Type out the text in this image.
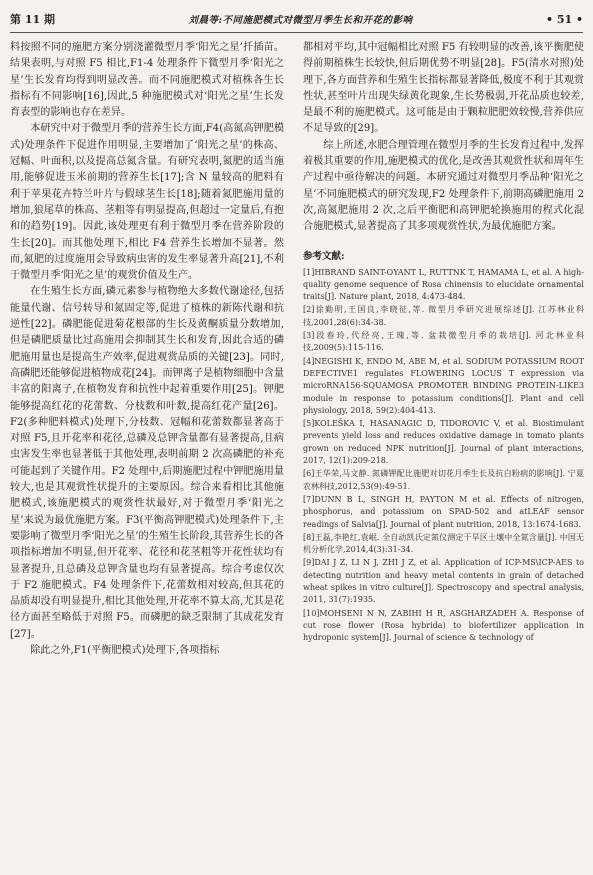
第 11 期	刘晨等:不同施肥模式对微型月季生长和开花的影响	• 51 •

料按照不同的施肥方案分别浇灌微型月季‘阳光之星’扦插苗。结果表明,与对照 F5 相比,F1-4 处理条件下微型月季‘阳光之星’生长发育均得到明显改善。而不同施肥模式对植株各生长指标有不同影响[16],因此,5 种施肥模式对‘阳光之星’生长发育表型的影响也存在差异。

本研究中对于微型月季的营养生长方面,F4(高氮高钾肥模式)处理条件下促进作用明显,主要增加了‘阳光之星’的株高、冠幅、叶面积,以及提高总氮含量。有研究表明,氮肥的适当施用,能够促进玉米前期的营养生长[17];含 N 量较高的肥料有利于苹果花卉特兰叶片与假球茎生长[18];随着氮肥施用量的增加,狼尾草的株高、茎粗等有明显提高,但超过一定量后,有抱和的趋势[19]。因此,该处理更有利于微型月季在营养阶段的生长[20]。而其他处理下,相比 F4 营养生长增加不显著。然而,氮肥的过度施用会导致病虫害的发生率显著升高[21],不利于微型月季‘阳光之星’的观赏价值及生产。

在生殖生长方面,磷元素参与植物绝大多数代谢途径,包括能量代谢、信号转导和氮固定等,促进了植株的新陈代谢和抗逆性[22]。磷肥能促进菊花根部的生长及黄酮质量分数增加,但是磷肥质量比过高施用会抑制其生长和发育,因此合适的磷肥施用量也是提高生产效率,促进观赏品质的关键[23]。同时,高磷肥还能够促进植物成花[24]。而钾离子是植物细胞中含量丰富的阳离子,在植物发育和抗性中起着重要作用[25]。钾肥能够提高红花的花蕾数、分枝数和叶数,提高红花产量[26]。F2(多种肥料模式)处理下,分枝数、冠幅和花蕾数都显著高于对照 F5,且开花率和花径,总磷及总钾含量都有显著提高,且病虫害发生率也显著低于其他处理,表明前期 2 次高磷肥的补充可能起到了关键作用。F2 处理中,后期施肥过程中钾肥施用量较大,也是其观赏性状提升的主要原因。综合来看相比其他施肥模式,该施肥模式的观赏性状最好,对于微型月季‘阳光之星’来说为最优施肥方案。F3(平衡高钾肥模式)处理条件下,主要影响了微型月季‘阳光之星’的生殖生长阶段,其营养生长的各项指标增加不明显,但开花率、花径和花茎粗等开花性状均有显著提升,且总磷及总钾含量也均有显著提高。综合考虑仅次于 F2 施肥模式。F4 处理条件下,花蕾数相对较高,但其花的品质却没有明显提升,相比其他处理,开花率不算太高,尤其是花径方面甚至略低于对照 F5。而磷肥的缺乏限制了其成花发育[27]。

除此之外,F1(平衡肥模式)处理下,各项指标

都相对平均,其中冠幅相比对照 F5 有较明显的改善,该平衡肥使得前期植株生长较快,但后期优势不明显[28]。F5(清水对照)处理下,各方面营养和生殖生长指标都显著降低,极度不利于其观赏性状,甚至叶片出现失绿黄化现象,生长势极弱,开花品质也较差,是最不利的施肥模式。这可能是由于颗粒肥肥效较慢,营养供应不足导致的[29]。

综上所述,水肥合理管理在微型月季的生长发育过程中,发挥着极其重要的作用,施肥模式的优化,是改善其观赏性状和周年生产过程中亟待解决的问题。本研究通过对微型月季品种‘阳光之星’不同施肥模式的研究发现,F2 处理条件下,前期高磷肥施用 2 次,高氮肥施用 2 次,之后平衡肥和高钾肥轮换施用的程式化混合施肥模式,显著提高了其多项观赏性状,为最优施肥方案。

参考文献:

[1]HIBRAND SAINT-OYANT L, RUTTNK T, HAMAMA L, et al. A high-quality genome sequence of Rosa chinensis to elucidate ornamental traits[J]. Nature plant, 2018, 4:473-484.

[2]徐勤明,王国良,李晓征,等. 微型月季研究进展综述[J]. 江苏林业科技,2001,28(6):34-38.

[3]段春玲,代经亮,王瑰,等. 盆栽微型月季的栽培[J]. 河北林业科技,2009(5):115-116.

[4]NEGISHI K, ENDO M, ABE M, et al. SODIUM POTASSIUM ROOT DEFECTIVE1 regulates FLOWERING LOCUS T expression via microRNA156-SQUAMOSA PROMOTER BINDING PROTEIN-LIKE3 module in response to potassium conditions[J]. Plant and cell physiology, 2018, 59(2):404-413.

[5]KOLEŠKA I, HASANAGIC D, TIDOROVIC V, et al. Biostimulant prevents yield loss and reduces oxidative damage in tomato plants grown on reduced NPK nutrition[J]. Journal of plant interactions, 2017, 12(1):209-218.

[6]王华荣,马文静. 氮磷钾配比施肥对切花月季生长及抗白粉病的影响[J]. 宁夏农林科技,2012,53(9):49-51.

[7]DUNN B L, SINGH H, PAYTON M et al. Effects of nitrogen, phosphorus, and potassium on SPAD-502 and atLEAF sensor readings of Salvia[J]. Journal of plant nutrition, 2018, 13:1674-1683.

[8]王磊,李艳红,袁岷. 全自动凯氏定氮仪测定干旱区土壤中全氮含量[J]. 中国无机分析化学,2014,4(3):31-34.

[9]DAI J Z, LI N J, ZHI J Z, et al. Application of ICP-MS\ICP-AES to detecting nutrition and heavy metal contents in grain of detached wheat spikes in vitro culture[J]. Spectroscopy and spectral analysis, 2011, 31(7):1935.

[10]MOHSENI N N, ZABIHI H R, ASGHARZADEH A. Response of cut rose flower (Rosa hybrida) to biofertilizer application in hydroponic system[J]. Journal of science & technology of
